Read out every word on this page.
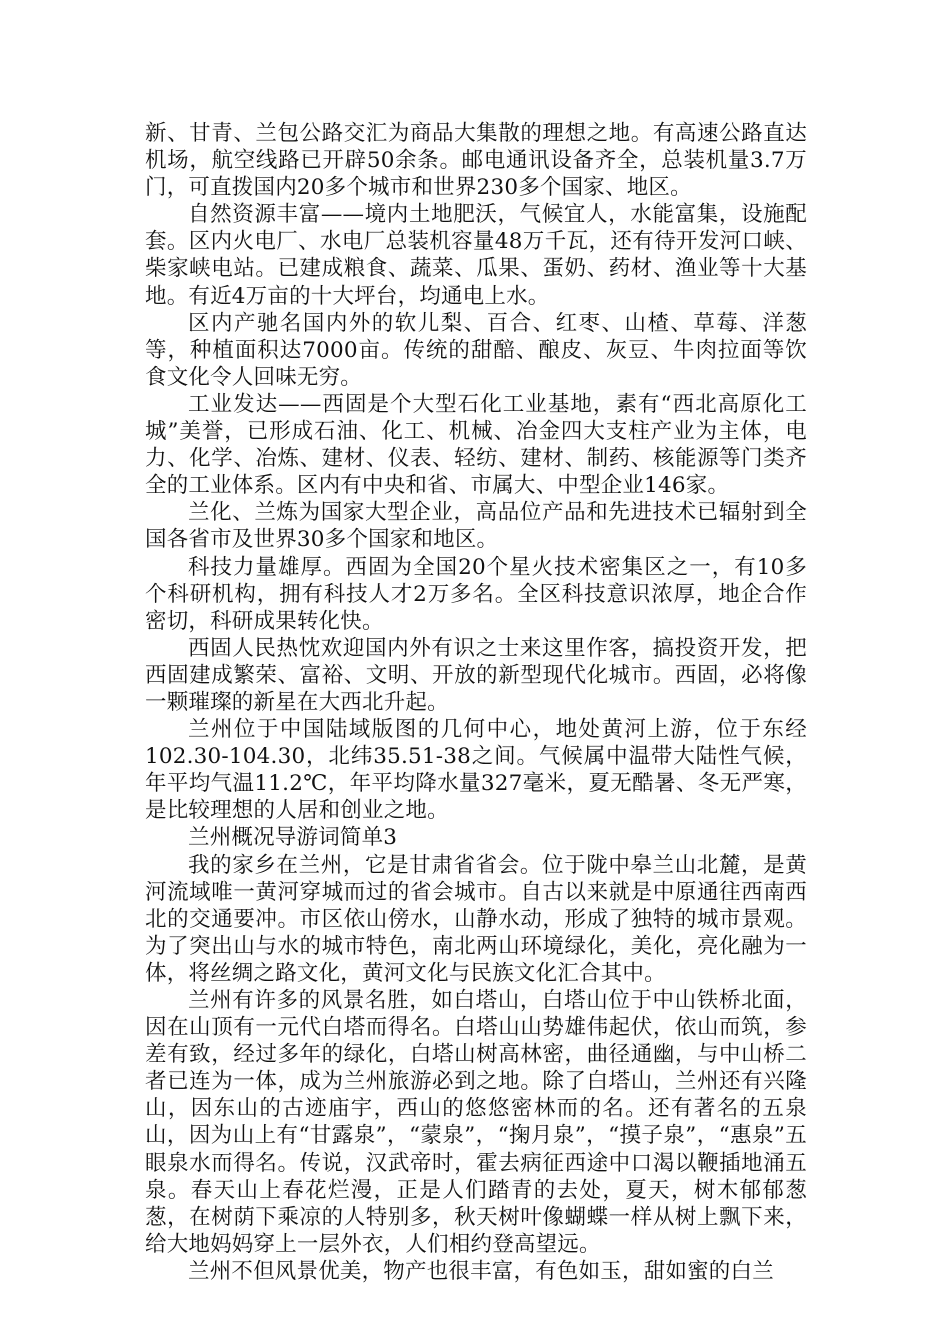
新、甘青、兰包公路交汇为商品大集散的理想之地。有高速公路直达机场，航空线路已开辟50余条。邮电通讯设备齐全，总装机量3.7万门，可直拨国内20多个城市和世界230多个国家、地区。

自然资源丰富——境内土地肥沃，气候宜人，水能富集，设施配套。区内火电厂、水电厂总装机容量48万千瓦，还有待开发河口峡、柴家峡电站。已建成粮食、蔬菜、瓜果、蛋奶、药材、渔业等十大基地。有近4万亩的十大坪台，均通电上水。

区内产驰名国内外的软儿梨、百合、红枣、山楂、草莓、洋葱等，种植面积达7000亩。传统的甜醅、酿皮、灰豆、牛肉拉面等饮食文化令人回味无穷。

工业发达——西固是个大型石化工业基地，素有“西北高原化工城”美誉，已形成石油、化工、机械、冶金四大支柱产业为主体，电力、化学、冶炼、建材、仪表、轻纺、建材、制药、核能源等门类齐全的工业体系。区内有中央和省、市属大、中型企业146家。

兰化、兰炼为国家大型企业，高品位产品和先进技术已辐射到全国各省市及世界30多个国家和地区。

科技力量雄厚。西固为全国20个星火技术密集区之一，有10多个科研机构，拥有科技人才2万多名。全区科技意识浓厚，地企合作密切，科研成果转化快。

西固人民热忱欢迎国内外有识之士来这里作客，搞投资开发，把西固建成繁荣、富裕、文明、开放的新型现代化城市。西固，必将像一颗璀璨的新星在大西北升起。

兰州位于中国陆域版图的几何中心，地处黄河上游，位于东经102.30-104.30，北纬35.51-38之间。气候属中温带大陆性气候，年平均气温11.2℃，年平均降水量327毫米，夏无酷暑、冬无严寒，是比较理想的人居和创业之地。

兰州概况导游词简单3

我的家乡在兰州，它是甘肃省省会。位于陇中皋兰山北麓，是黄河流域唯一黄河穿城而过的省会城市。自古以来就是中原通往西南西北的交通要冲。市区依山傍水，山静水动，形成了独特的城市景观。为了突出山与水的城市特色，南北两山环境绿化，美化，亮化融为一体，将丝绸之路文化，黄河文化与民族文化汇合其中。

兰州有许多的风景名胜，如白塔山，白塔山位于中山铁桥北面，因在山顶有一元代白塔而得名。白塔山山势雄伟起伏，依山而筑，参差有致，经过多年的绿化，白塔山树高林密，曲径通幽，与中山桥二者已连为一体，成为兰州旅游必到之地。除了白塔山，兰州还有兴隆山，因东山的古迹庙宇，西山的悠悠密林而的名。还有著名的五泉山，因为山上有“甘露泉”，“蒙泉”，“掬月泉”，“摸子泉”，“惠泉”五眼泉水而得名。传说，汉武帝时，霍去病征西途中口渴以鞭插地涌五泉。春天山上春花烂漫，正是人们踏青的去处，夏天，树木郁郁葱葱，在树荫下乘凉的人特别多，秋天树叶像蝴蝶一样从树上飘下来，给大地妈妈穿上一层外衣，人们相约登高望远。

兰州不但风景优美，物产也很丰富，有色如玉，甜如蜜的白兰
